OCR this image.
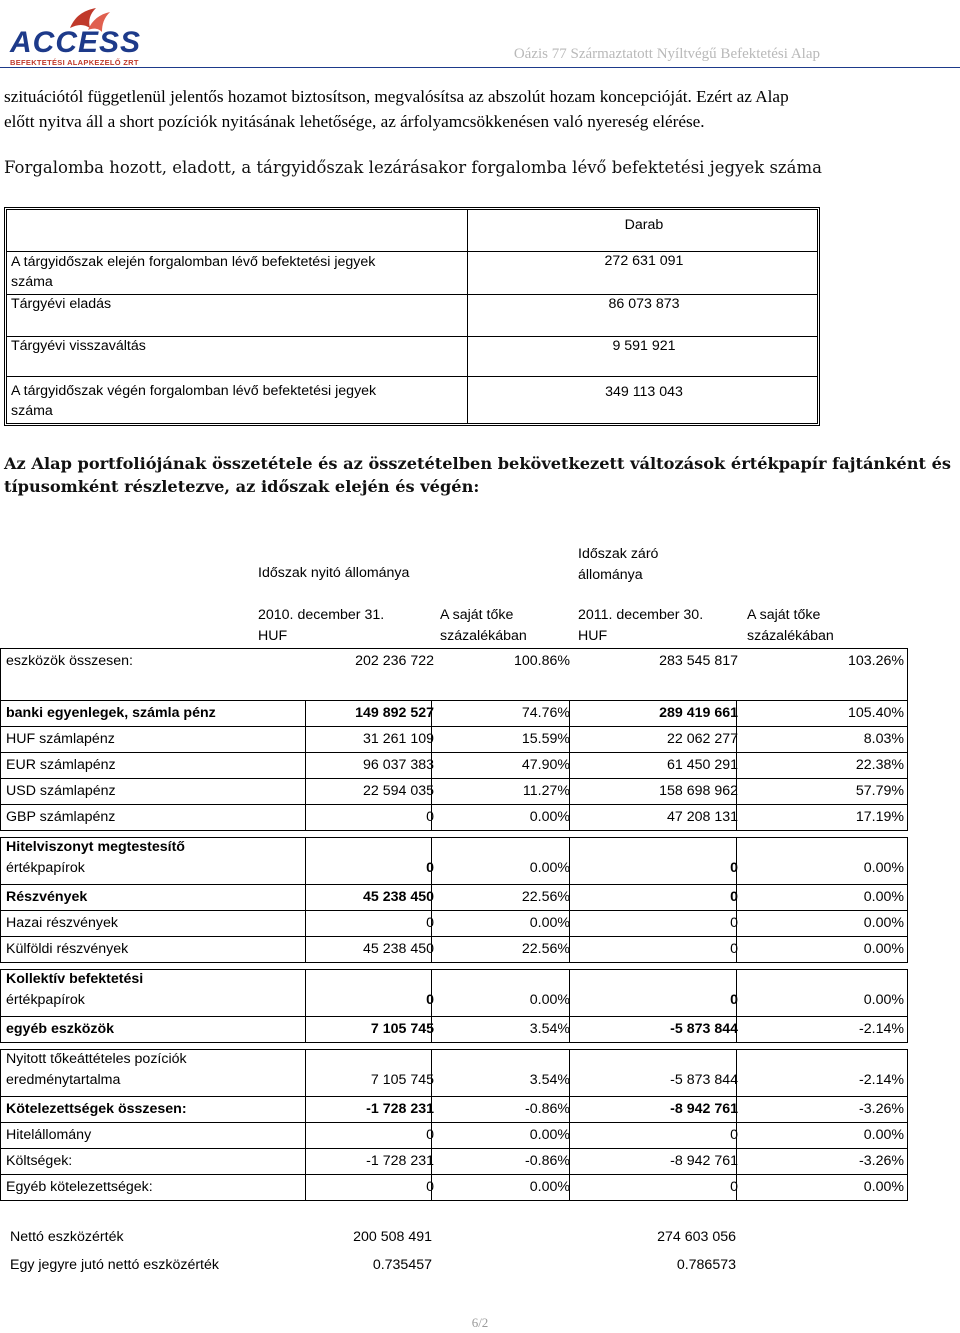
ACCESS
BEFEKTETÉSI ALAPKEZELŐ ZRT
Oázis 77 Származtatott Nyíltvégű Befektetési Alap
szituációtól függetlenül jelentős hozamot biztosítson, megvalósítsa az abszolút hozam koncepcióját. Ezért az Alap
előtt nyitva áll a short pozíciók nyitásának lehetősége, az árfolyamcsökkenésen való nyereség elérése.
Forgalomba hozott, eladott, a tárgyidőszak lezárásakor forgalomba lévő befektetési jegyek száma
Darab
A tárgyidőszak elején forgalomban lévő befektetési jegyek
száma
272 631 091
Tárgyévi eladás	86 073 873
Tárgyévi visszaváltás	9 591 921
A tárgyidőszak végén forgalomban lévő befektetési jegyek
száma
349 113 043
Az Alap portfoliójának összetétele és az összetételben bekövetkezett változások értékpapír fajtánként és
típusomként részletezve, az időszak elején és végén:
Időszak nyitó állománya
Időszak záró
állománya
2010. december 31.
HUF
A saját tőke
százalékában
2011. december 30.
HUF
A saját tőke
százalékában
eszközök összesen:	202 236 722	100.86%	283 545 817	103.26%
banki egyenlegek, számla pénz	149 892 527	74.76%	289 419 661	105.40%
HUF számlapénz	31 261 109	15.59%	22 062 277	8.03%
EUR számlapénz	96 037 383	47.90%	61 450 291	22.38%
USD számlapénz	22 594 035	11.27%	158 698 962	57.79%
GBP számlapénz	0	0.00%	47 208 131	17.19%
Hitelviszonyt megtestesítő
értékpapírok	0	0.00%	0	0.00%
Részvények	45 238 450	22.56%	0	0.00%
Hazai részvények	0	0.00%	0	0.00%
Külföldi részvények	45 238 450	22.56%	0	0.00%
Kollektív befektetési
értékpapírok	0	0.00%	0	0.00%
egyéb eszközök	7 105 745	3.54%	-5 873 844	-2.14%
Nyitott tőkeáttételes pozíciók
eredménytartalma	7 105 745	3.54%	-5 873 844	-2.14%
Kötelezettségek összesen:	-1 728 231	-0.86%	-8 942 761	-3.26%
Hitelállomány	0	0.00%	0	0.00%
Költségek:	-1 728 231	-0.86%	-8 942 761	-3.26%
Egyéb kötelezettségek:	0	0.00%	0	0.00%
Nettó eszközérték	200 508 491	274 603 056
Egy jegyre jutó nettó eszközérték	0.735457	0.786573
6/2
